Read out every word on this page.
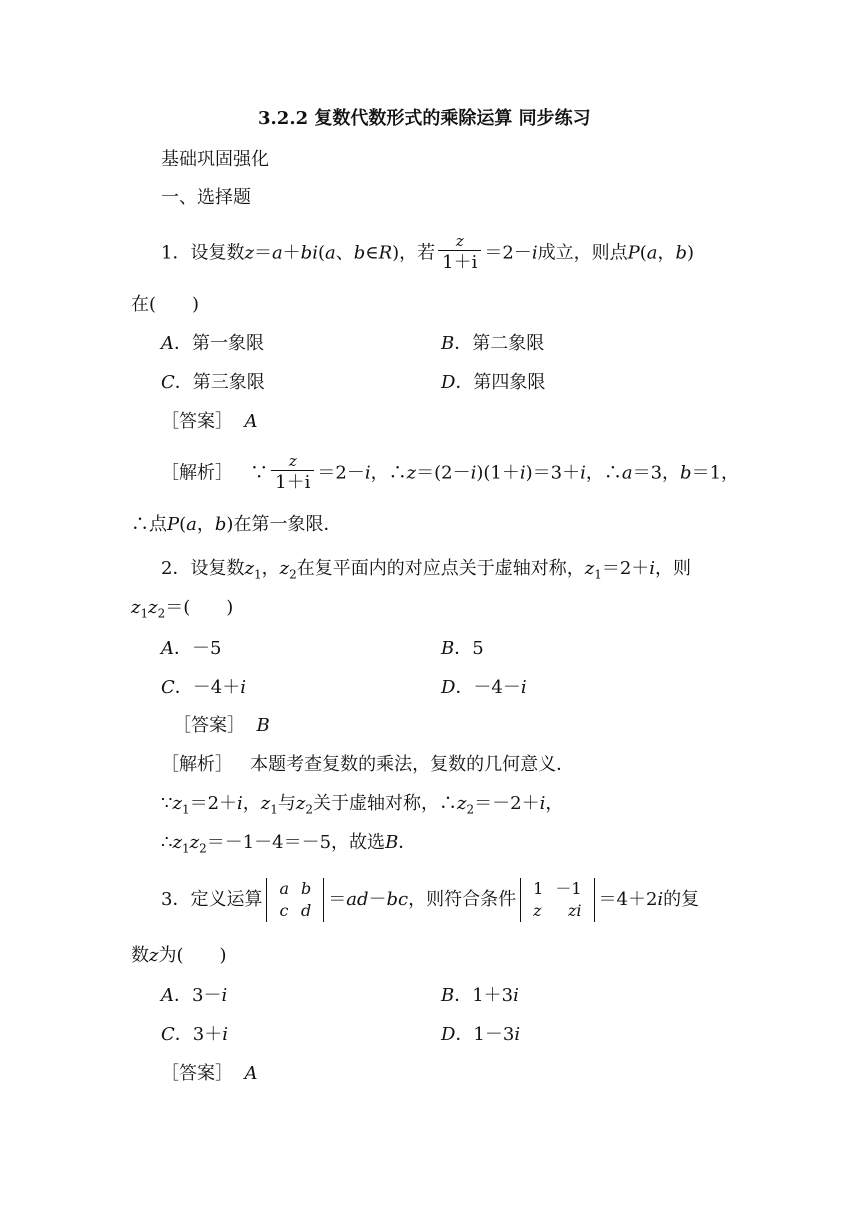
3.2.2 复数代数形式的乘除运算 同步练习
基础巩固强化
一、选择题
1．设复数z＝a＋bi(a、b∈R)，若 $\frac{z}{1+i} =2-i$成立，则点P(a，b)
在(　　)
A．第一象限	B．第二象限
C．第三象限	D．第四象限
［答案］ A
［解析］ ∵ $\frac{z}{1+i} =2-i$，∴z＝(2－i)(1＋i)＝3＋i，∴a＝3，b＝1，
∴点P(a，b)在第一象限．
2．设复数$z_1$，$z_2$在复平面内的对应点关于虚轴对称，$z_1=2+i$，则
$z_1z_2=$(　　)
A．－5	B．5
C．－4＋i	D．－4－i
［答案］ B
［解析］ 本题考查复数的乘法，复数的几何意义．
$\because z_1=2+i$，$z_1$与$z_2$关于虚轴对称，$\therefore z_2=-2+i$，
$\therefore z_1z_2=-1-4=-5$，故选B．
3．定义运算
a	b
c	d
＝ad－bc，则符合条件
1	－1
z	zi
＝4＋2i的复
数z为(　　)
A．3－i	B．1＋3i
C．3＋i	D．1－3i
［答案］ A
